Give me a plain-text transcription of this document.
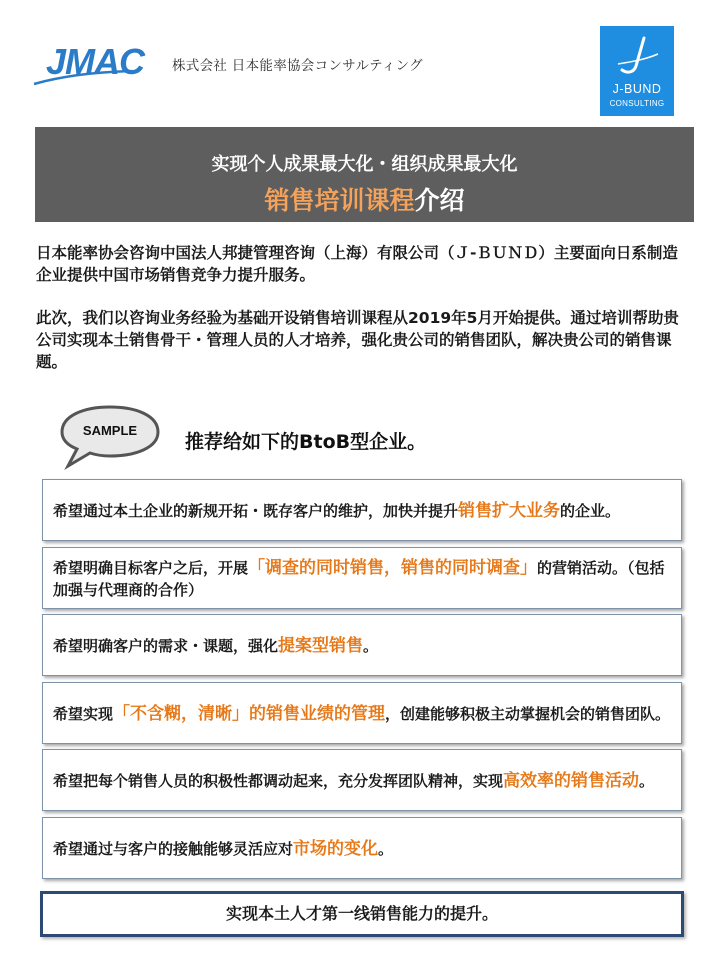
JMAC 株式会社 日本能率協会コンサルティング
J-BUND
CONSULTING
实现个人成果最大化・组织成果最大化
销售培训课程介绍

日本能率协会咨询中国法人邦捷管理咨询（上海）有限公司（Ｊ-ＢＵＮＤ）主要面向日系制造企业提供中国市场销售竞争力提升服务。

此次，我们以咨询业务经验为基础开设销售培训课程从2019年5月开始提供。通过培训帮助贵公司实现本土销售骨干・管理人员的人才培养，强化贵公司的销售团队，解决贵公司的销售课题。

SAMPLE
推荐给如下的BtoB型企业。
希望通过本土企业的新规开拓・既存客户的维护，加快并提升销售扩大业务的企业。
希望明确目标客户之后，开展「调查的同时销售，销售的同时调查」的营销活动。（包括加强与代理商的合作）
希望明确客户的需求・课题，强化提案型销售。
希望实现「不含糊，清晰」的销售业绩的管理，创建能够积极主动掌握机会的销售团队。
希望把每个销售人员的积极性都调动起来，充分发挥团队精神，实现高效率的销售活动。
希望通过与客户的接触能够灵活应对市场的变化。
实现本土人才第一线销售能力的提升。
